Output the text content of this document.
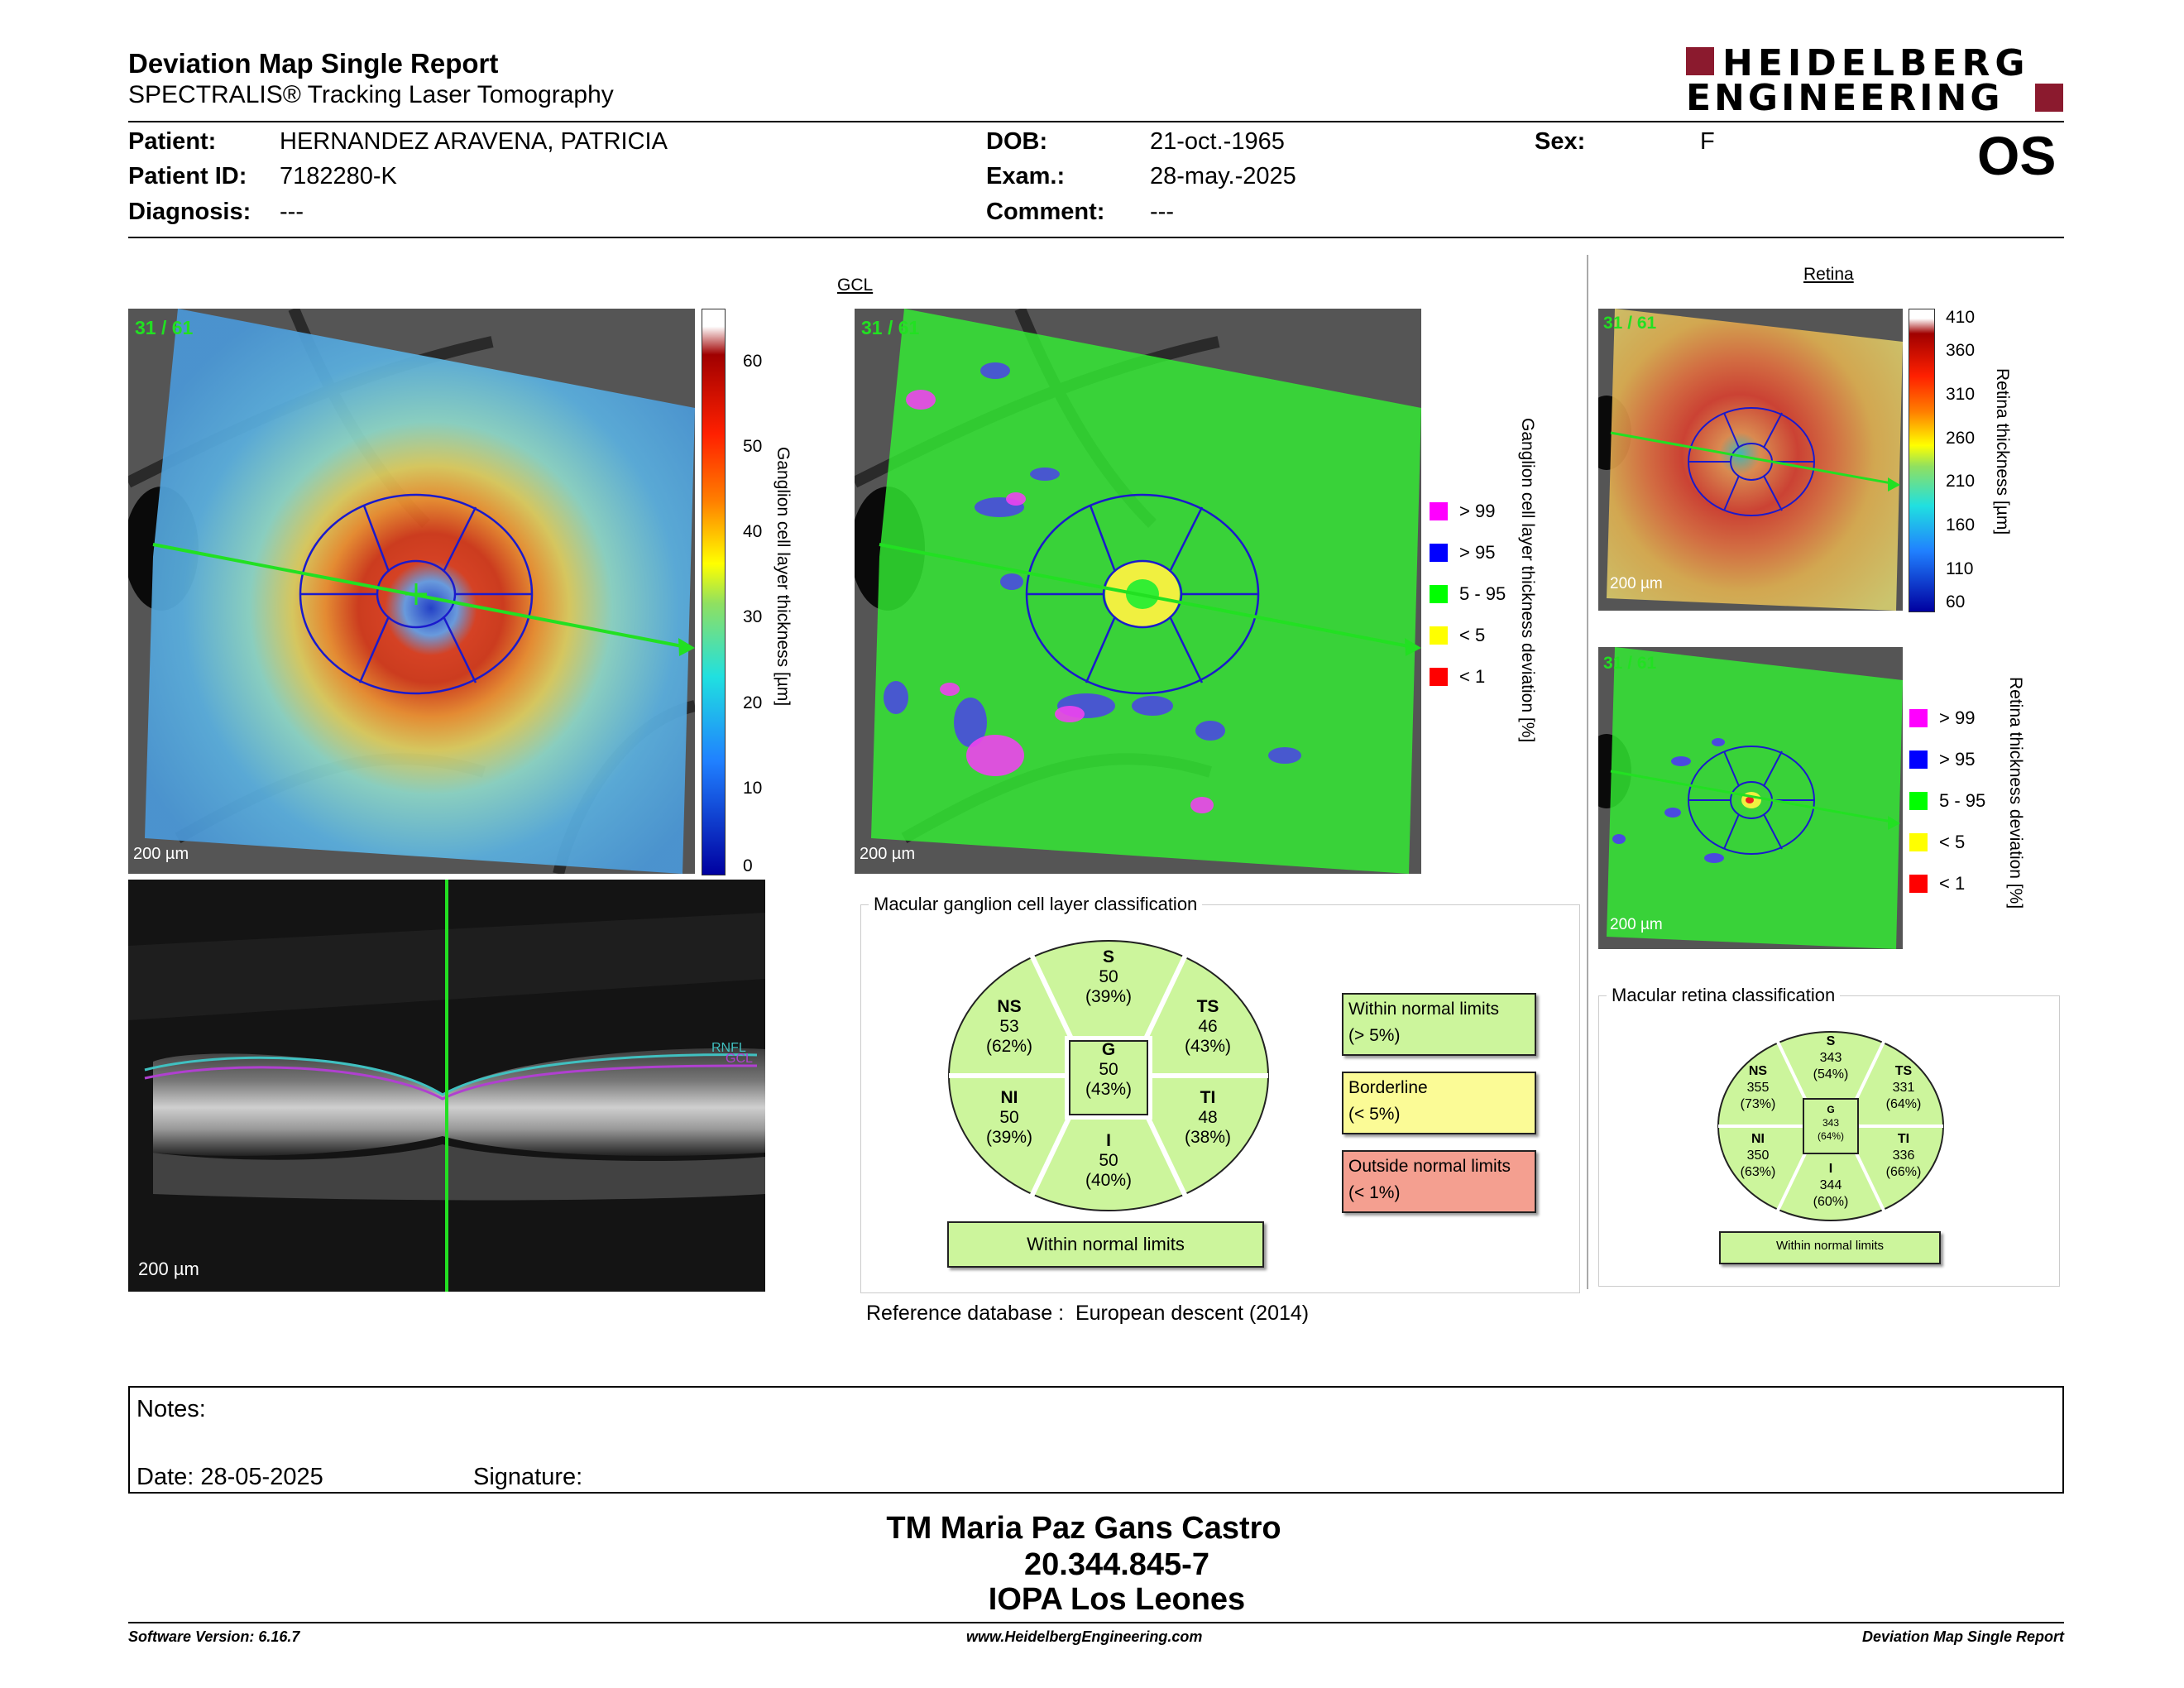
Deviation Map Single Report
SPECTRALIS® Tracking Laser Tomography
HEIDELBERG
ENGINEERING
Patient:	HERNANDEZ ARAVENA, PATRICIA
Patient ID: 7182280-K
Diagnosis: ---
DOB:	21-oct.-1965
Exam.:	28-may.-2025
Comment: ---
Sex:	F	OS
31 / 61
200 µm
60
50
40
30
20
10
0
Ganglion cell layer thickness [µm]
GCL
31 / 61
200 µm
> 99
> 95
5 - 95
< 5
< 1 Ganglion cell layer thickness deviation [%]
RNFL
GCL
200 µm
Retina
31 / 61
200 µm
410
360
310
260
210
160
110
60
Retina thickness [µm]
31 / 61
200 µm
> 99
> 95
5 - 95
< 5
< 1 Retina thickness deviation [%]
Macular ganglion cell layer classification
S
50
(39%)
NS
53
(62%)
TS
46
(43%)
G
50
(43%)
NI
50
(39%)
TI
48
(38%)
I
50
(40%)
Within normal limits
Within normal limits
(> 5%)
Borderline
(< 5%)
Outside normal limits
(< 1%)
Macular retina classification
S
343
(54%)
NS
355
(73%)
TS
331
(64%)
G
343
(64%)
NI
350
(63%)
TI
336
(66%)
I
344
(60%)
Within normal limits
Reference database : European descent (2014)
Notes:
Date: 28-05-2025	Signature:
TM Maria Paz Gans Castro
20.344.845-7
IOPA Los Leones
Software Version: 6.16.7	www.HeidelbergEngineering.com	Deviation Map Single Report
